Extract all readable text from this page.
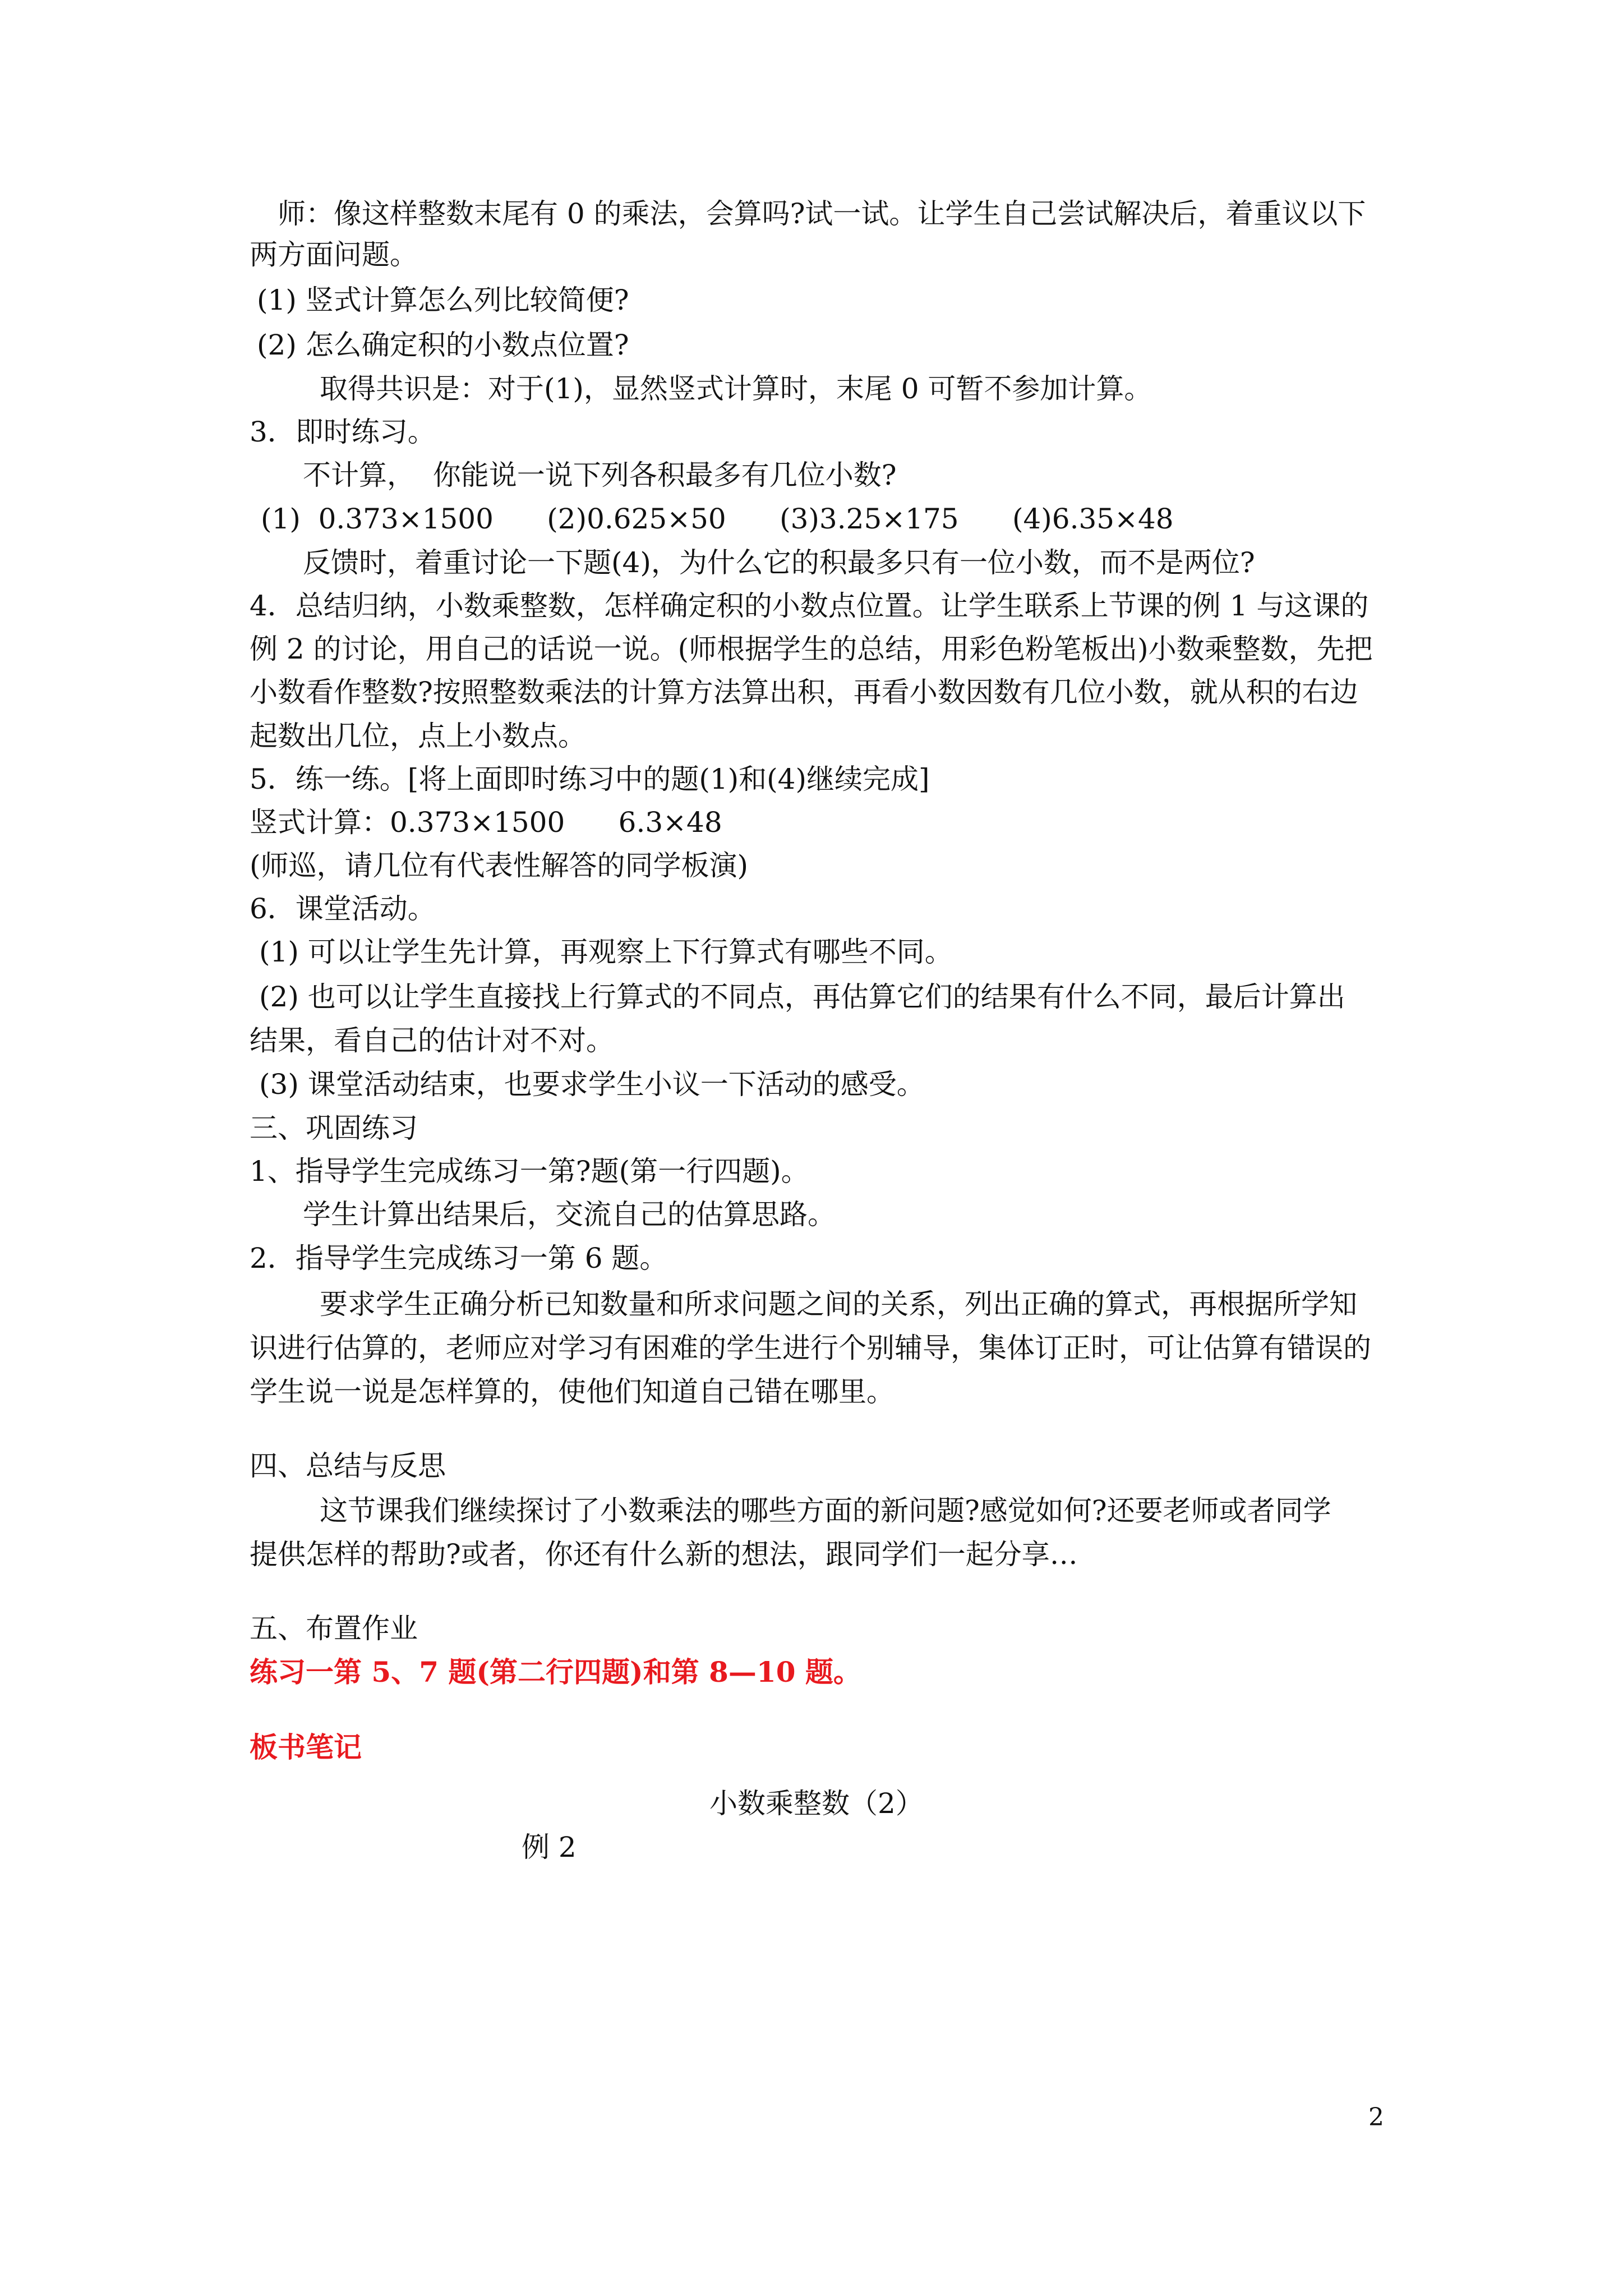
师：像这样整数末尾有 0 的乘法，会算吗?试一试。让学生自己尝试解决后，着重议以下

两方面问题。

(1) 竖式计算怎么列比较简便?

(2) 怎么确定积的小数点位置?

取得共识是：对于(1)，显然竖式计算时，末尾 0 可暂不参加计算。

3．即时练习。

不计算，  你能说一说下列各积最多有几位小数?

(1)  0.373×1500      (2)0.625×50      (3)3.25×175      (4)6.35×48

反馈时，着重讨论一下题(4)，为什么它的积最多只有一位小数，而不是两位?

4．总结归纳，小数乘整数，怎样确定积的小数点位置。让学生联系上节课的例 1 与这课的

例 2 的讨论，用自己的话说一说。(师根据学生的总结，用彩色粉笔板出)小数乘整数，先把

小数看作整数?按照整数乘法的计算方法算出积，再看小数因数有几位小数，就从积的右边

起数出几位，点上小数点。

5．练一练。[将上面即时练习中的题(1)和(4)继续完成]

竖式计算：0.373×1500      6.3×48

(师巡，请几位有代表性解答的同学板演)

6．课堂活动。

(1) 可以让学生先计算，再观察上下行算式有哪些不同。

(2) 也可以让学生直接找上行算式的不同点，再估算它们的结果有什么不同，最后计算出

结果，看自己的估计对不对。

(3) 课堂活动结束，也要求学生小议一下活动的感受。

三、巩固练习

1、指导学生完成练习一第?题(第一行四题)。

学生计算出结果后，交流自己的估算思路。

2．指导学生完成练习一第 6 题。

要求学生正确分析已知数量和所求问题之间的关系，列出正确的算式，再根据所学知

识进行估算的，老师应对学习有困难的学生进行个别辅导，集体订正时，可让估算有错误的

学生说一说是怎样算的，使他们知道自己错在哪里。

四、总结与反思

这节课我们继续探讨了小数乘法的哪些方面的新问题?感觉如何?还要老师或者同学

提供怎样的帮助?或者，你还有什么新的想法，跟同学们一起分享…

五、布置作业

练习一第 5、7 题(第二行四题)和第 8—10 题。

板书笔记

小数乘整数（2）

例 2

2
